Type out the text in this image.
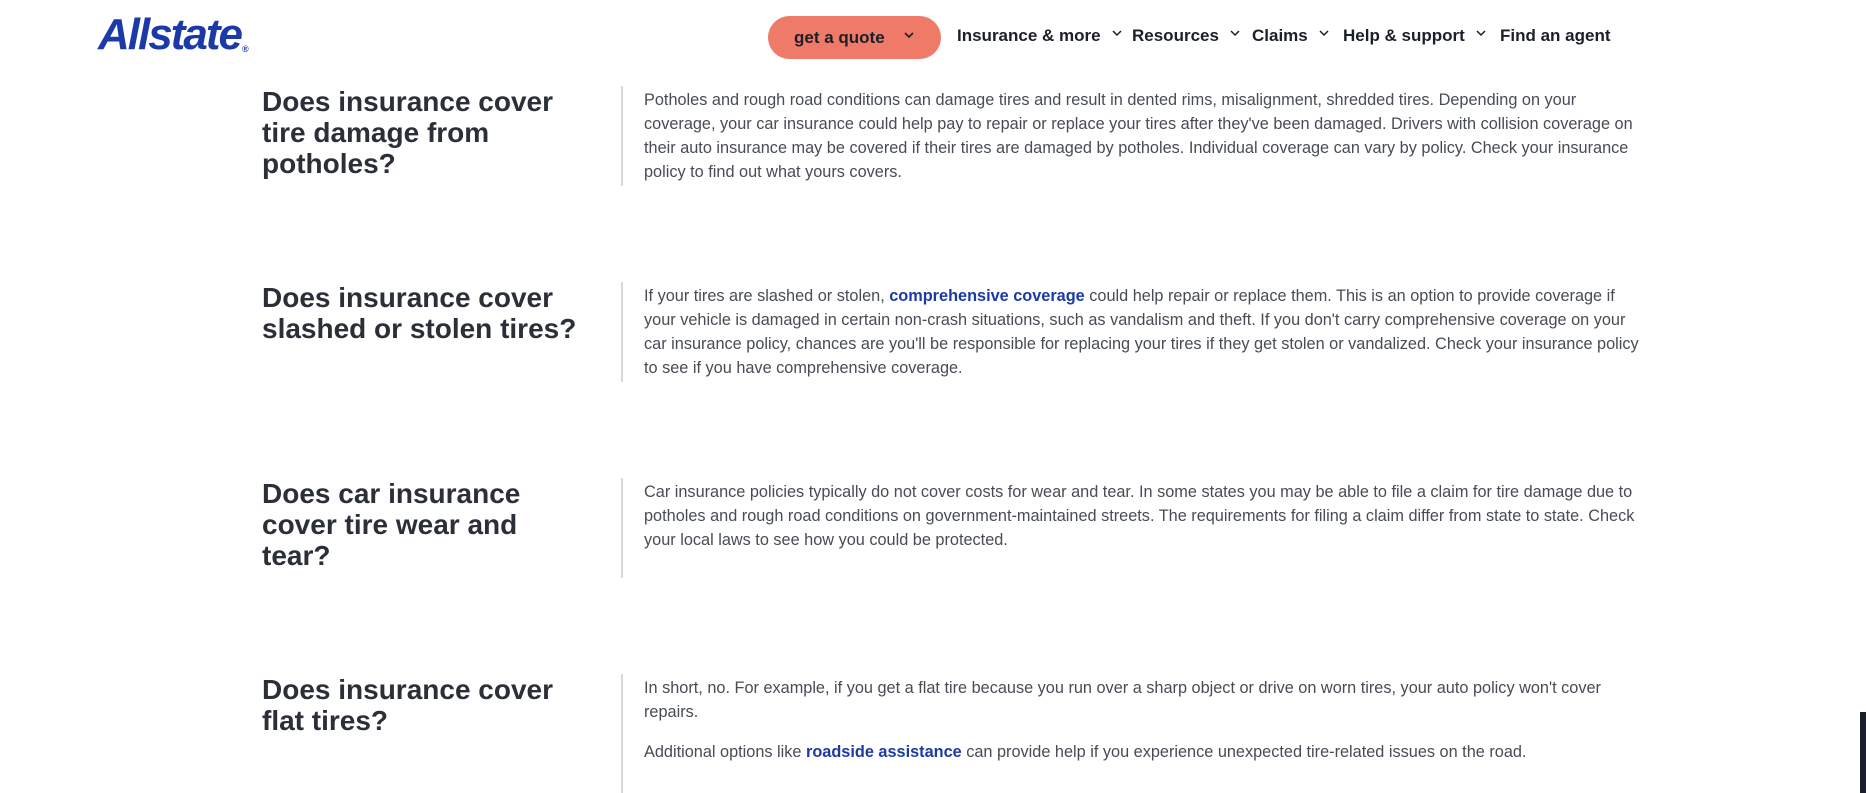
Allstate®
get a quote	Insurance & more	Resources	Claims	Help & support	Find an agent
Does insurance cover tire damage from potholes?

Potholes and rough road conditions can damage tires and result in dented rims, misalignment, shredded tires. Depending on your coverage, your car insurance could help pay to repair or replace your tires after they've been damaged. Drivers with collision coverage on their auto insurance may be covered if their tires are damaged by potholes. Individual coverage can vary by policy. Check your insurance policy to find out what yours covers.

Does insurance cover slashed or stolen tires?

If your tires are slashed or stolen, comprehensive coverage could help repair or replace them. This is an option to provide coverage if your vehicle is damaged in certain non-crash situations, such as vandalism and theft. If you don't carry comprehensive coverage on your car insurance policy, chances are you'll be responsible for replacing your tires if they get stolen or vandalized. Check your insurance policy to see if you have comprehensive coverage.

Does car insurance cover tire wear and tear?

Car insurance policies typically do not cover costs for wear and tear. In some states you may be able to file a claim for tire damage due to potholes and rough road conditions on government-maintained streets. The requirements for filing a claim differ from state to state. Check your local laws to see how you could be protected.

Does insurance cover flat tires?

In short, no. For example, if you get a flat tire because you run over a sharp object or drive on worn tires, your auto policy won't cover repairs.

Additional options like roadside assistance can provide help if you experience unexpected tire-related issues on the road.
